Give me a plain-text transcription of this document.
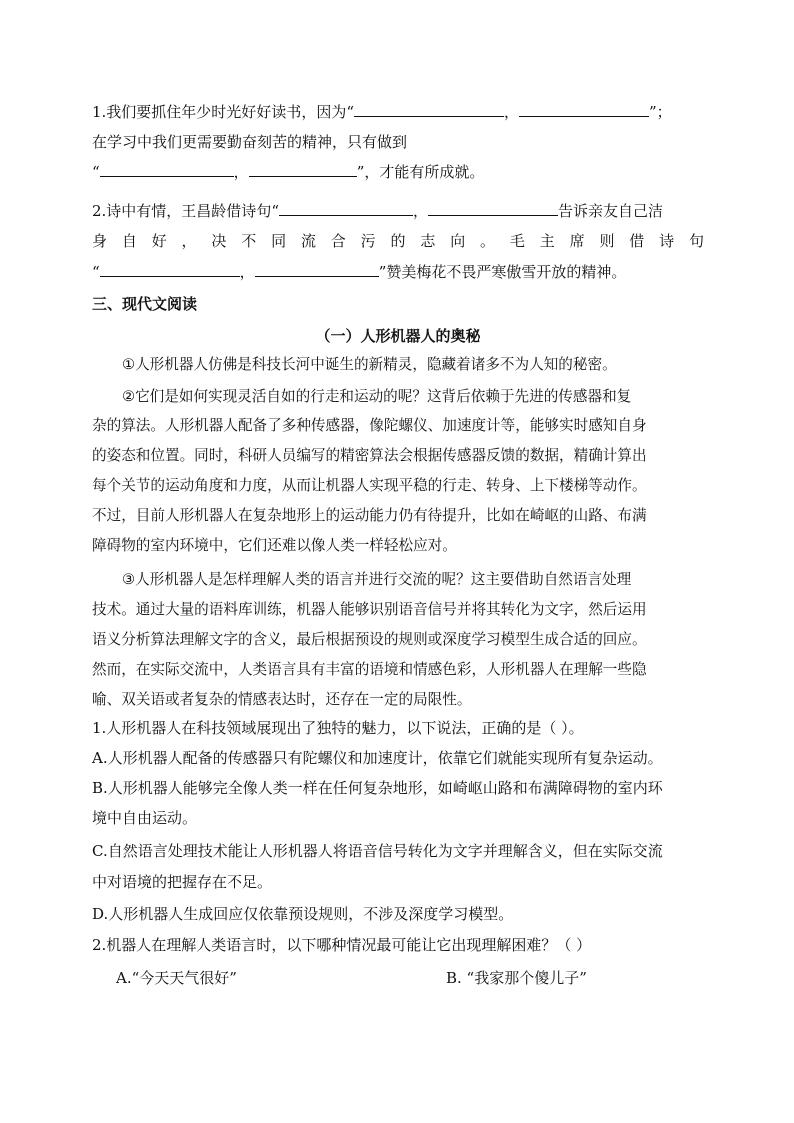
1.我们要抓住年少时光好好读书，因为“	，	”；
在学习中我们更需要勤奋刻苦的精神，只有做到
“	，	”，才能有所成就。
2.诗中有情，王昌龄借诗句“	，	告诉亲友自己洁
身自好，决不同流合污的志向。毛主席则借诗句
“	，	”赞美梅花不畏严寒傲雪开放的精神。
三、现代文阅读
（一）人形机器人的奥秘
①人形机器人仿佛是科技长河中诞生的新精灵，隐藏着诸多不为人知的秘密。
②它们是如何实现灵活自如的行走和运动的呢？这背后依赖于先进的传感器和复
杂的算法。人形机器人配备了多种传感器，像陀螺仪、加速度计等，能够实时感知自身
的姿态和位置。同时，科研人员编写的精密算法会根据传感器反馈的数据，精确计算出
每个关节的运动角度和力度，从而让机器人实现平稳的行走、转身、上下楼梯等动作。
不过，目前人形机器人在复杂地形上的运动能力仍有待提升，比如在崎岖的山路、布满
障碍物的室内环境中，它们还难以像人类一样轻松应对。
③人形机器人是怎样理解人类的语言并进行交流的呢？这主要借助自然语言处理
技术。通过大量的语料库训练，机器人能够识别语音信号并将其转化为文字，然后运用
语义分析算法理解文字的含义，最后根据预设的规则或深度学习模型生成合适的回应。
然而，在实际交流中，人类语言具有丰富的语境和情感色彩，人形机器人在理解一些隐
喻、双关语或者复杂的情感表达时，还存在一定的局限性。
1.人形机器人在科技领域展现出了独特的魅力，以下说法，正确的是（ ）。
A.人形机器人配备的传感器只有陀螺仪和加速度计，依靠它们就能实现所有复杂运动。
B.人形机器人能够完全像人类一样在任何复杂地形，如崎岖山路和布满障碍物的室内环
境中自由运动。
C.自然语言处理技术能让人形机器人将语音信号转化为文字并理解含义，但在实际交流
中对语境的把握存在不足。
D.人形机器人生成回应仅依靠预设规则，不涉及深度学习模型。
2.机器人在理解人类语言时，以下哪种情况最可能让它出现理解困难？（ ）
A.“今天天气很好”	B. “我家那个傻儿子”
